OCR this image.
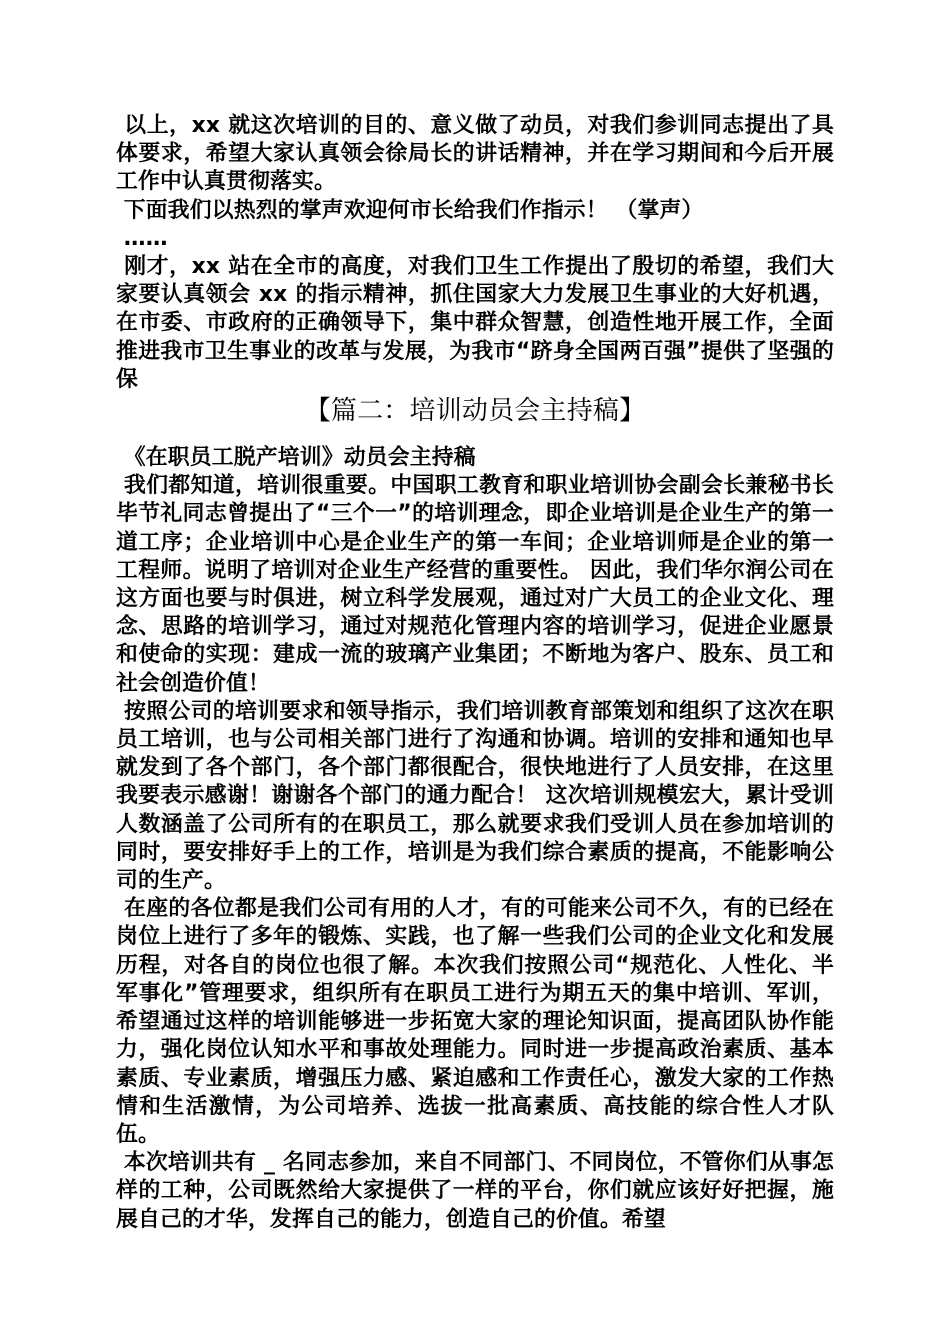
以上，xx 就这次培训的目的、意义做了动员，对我们参训同志提出了具体要求，希望大家认真领会徐局长的讲话精神，并在学习期间和今后开展工作中认真贯彻落实。

下面我们以热烈的掌声欢迎何市长给我们作指示！ （掌声）

……

刚才，xx 站在全市的高度，对我们卫生工作提出了殷切的希望，我们大家要认真领会 xx 的指示精神，抓住国家大力发展卫生事业的大好机遇，在市委、市政府的正确领导下，集中群众智慧，创造性地开展工作，全面推进我市卫生事业的改革与发展，为我市“跻身全国两百强”提供了坚强的保

【篇二：培训动员会主持稿】

《在职员工脱产培训》动员会主持稿

我们都知道，培训很重要。中国职工教育和职业培训协会副会长兼秘书长毕节礼同志曾提出了“三个一”的培训理念，即企业培训是企业生产的第一道工序；企业培训中心是企业生产的第一车间；企业培训师是企业的第一工程师。说明了培训对企业生产经营的重要性。 因此，我们华尔润公司在这方面也要与时俱进，树立科学发展观，通过对广大员工的企业文化、理念、思路的培训学习，通过对规范化管理内容的培训学习，促进企业愿景和使命的实现：建成一流的玻璃产业集团；不断地为客户、股东、员工和社会创造价值！

按照公司的培训要求和领导指示，我们培训教育部策划和组织了这次在职员工培训，也与公司相关部门进行了沟通和协调。培训的安排和通知也早就发到了各个部门，各个部门都很配合，很快地进行了人员安排，在这里我要表示感谢！谢谢各个部门的通力配合！ 这次培训规模宏大，累计受训人数涵盖了公司所有的在职员工，那么就要求我们受训人员在参加培训的同时，要安排好手上的工作，培训是为我们综合素质的提高，不能影响公司的生产。

在座的各位都是我们公司有用的人才，有的可能来公司不久，有的已经在岗位上进行了多年的锻炼、实践，也了解一些我们公司的企业文化和发展历程，对各自的岗位也很了解。本次我们按照公司“规范化、人性化、半军事化”管理要求，组织所有在职员工进行为期五天的集中培训、军训，希望通过这样的培训能够进一步拓宽大家的理论知识面，提高团队协作能力，强化岗位认知水平和事故处理能力。同时进一步提高政治素质、基本素质、专业素质，增强压力感、紧迫感和工作责任心，激发大家的工作热情和生活激情，为公司培养、选拔一批高素质、高技能的综合性人才队伍。

本次培训共有 _ 名同志参加，来自不同部门、不同岗位，不管你们从事怎样的工种，公司既然给大家提供了一样的平台，你们就应该好好把握，施展自己的才华，发挥自己的能力，创造自己的价值。希望
